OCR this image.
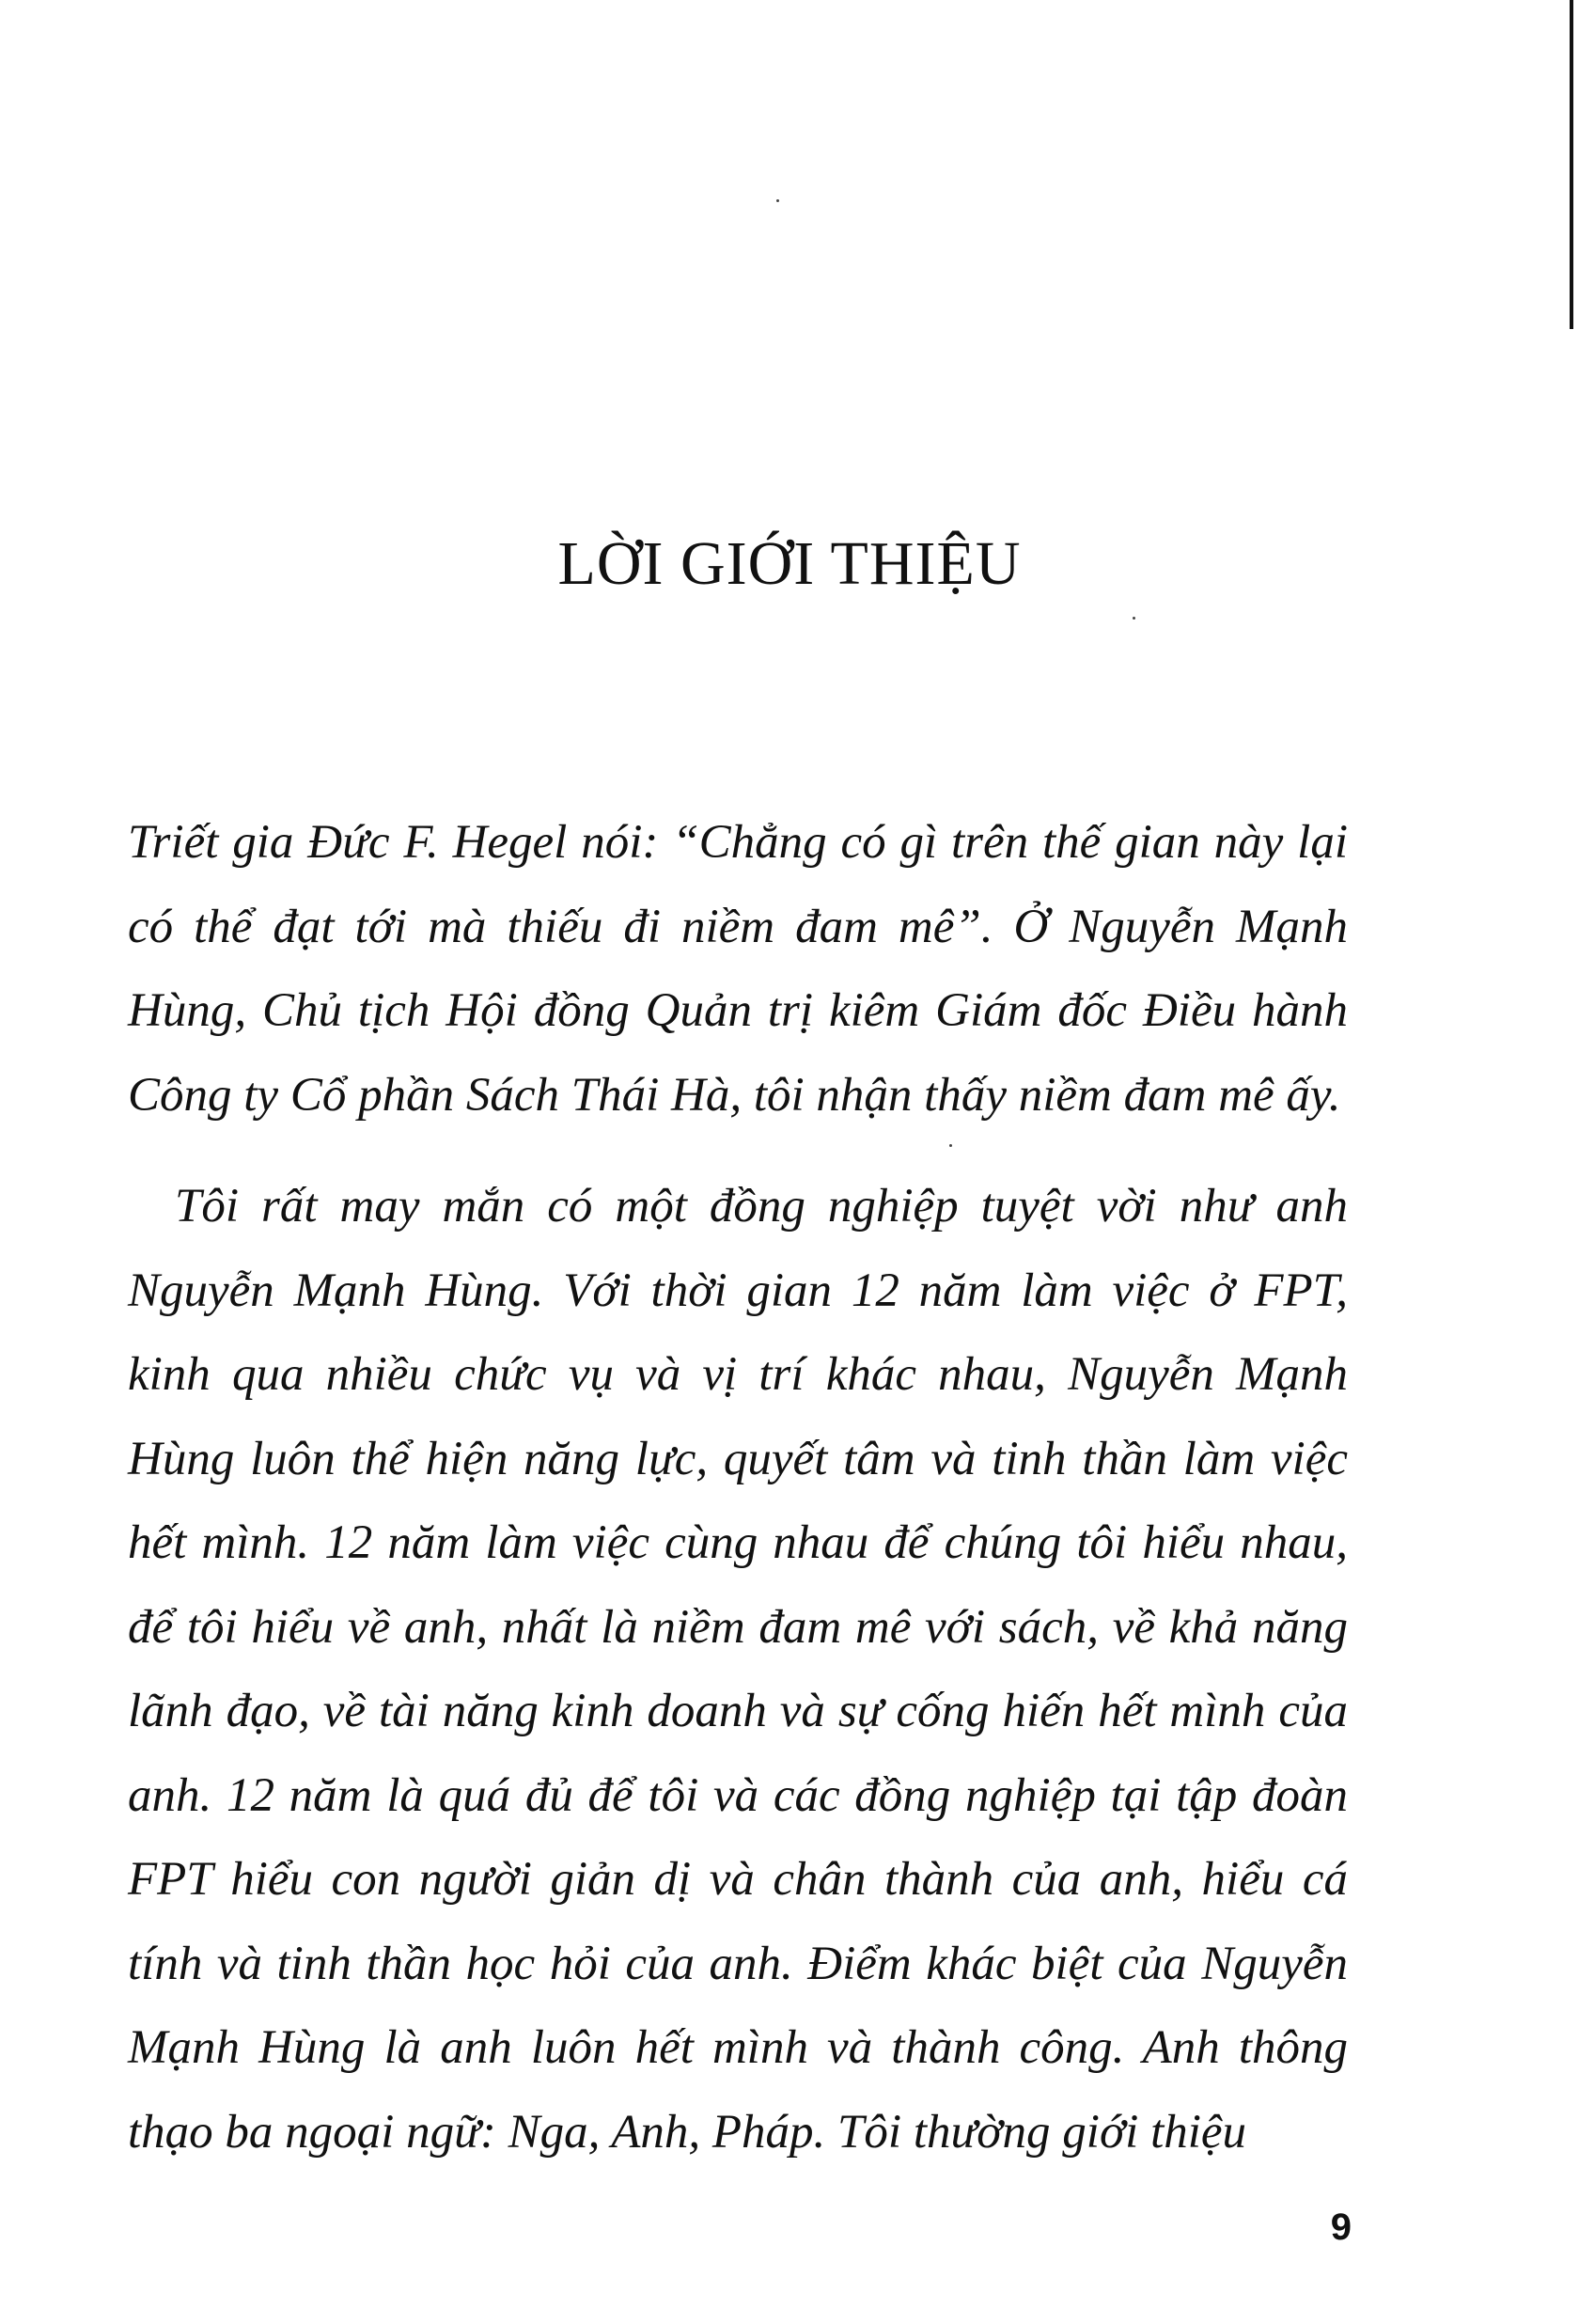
LỜI GIỚI THIỆU

Triết gia Đức F. Hegel nói: “Chẳng có gì trên thế gian này lại có thể đạt tới mà thiếu đi niềm đam mê”. Ở Nguyễn Mạnh Hùng, Chủ tịch Hội đồng Quản trị kiêm Giám đốc Điều hành Công ty Cổ phần Sách Thái Hà, tôi nhận thấy niềm đam mê ấy.

Tôi rất may mắn có một đồng nghiệp tuyệt vời như anh Nguyễn Mạnh Hùng. Với thời gian 12 năm làm việc ở FPT, kinh qua nhiều chức vụ và vị trí khác nhau, Nguyễn Mạnh Hùng luôn thể hiện năng lực, quyết tâm và tinh thần làm việc hết mình. 12 năm làm việc cùng nhau để chúng tôi hiểu nhau, để tôi hiểu về anh, nhất là niềm đam mê với sách, về khả năng lãnh đạo, về tài năng kinh doanh và sự cống hiến hết mình của anh. 12 năm là quá đủ để tôi và các đồng nghiệp tại tập đoàn FPT hiểu con người giản dị và chân thành của anh, hiểu cá tính và tinh thần học hỏi của anh. Điểm khác biệt của Nguyễn Mạnh Hùng là anh luôn hết mình và thành công. Anh thông thạo ba ngoại ngữ: Nga, Anh, Pháp. Tôi thường giới thiệu

9
